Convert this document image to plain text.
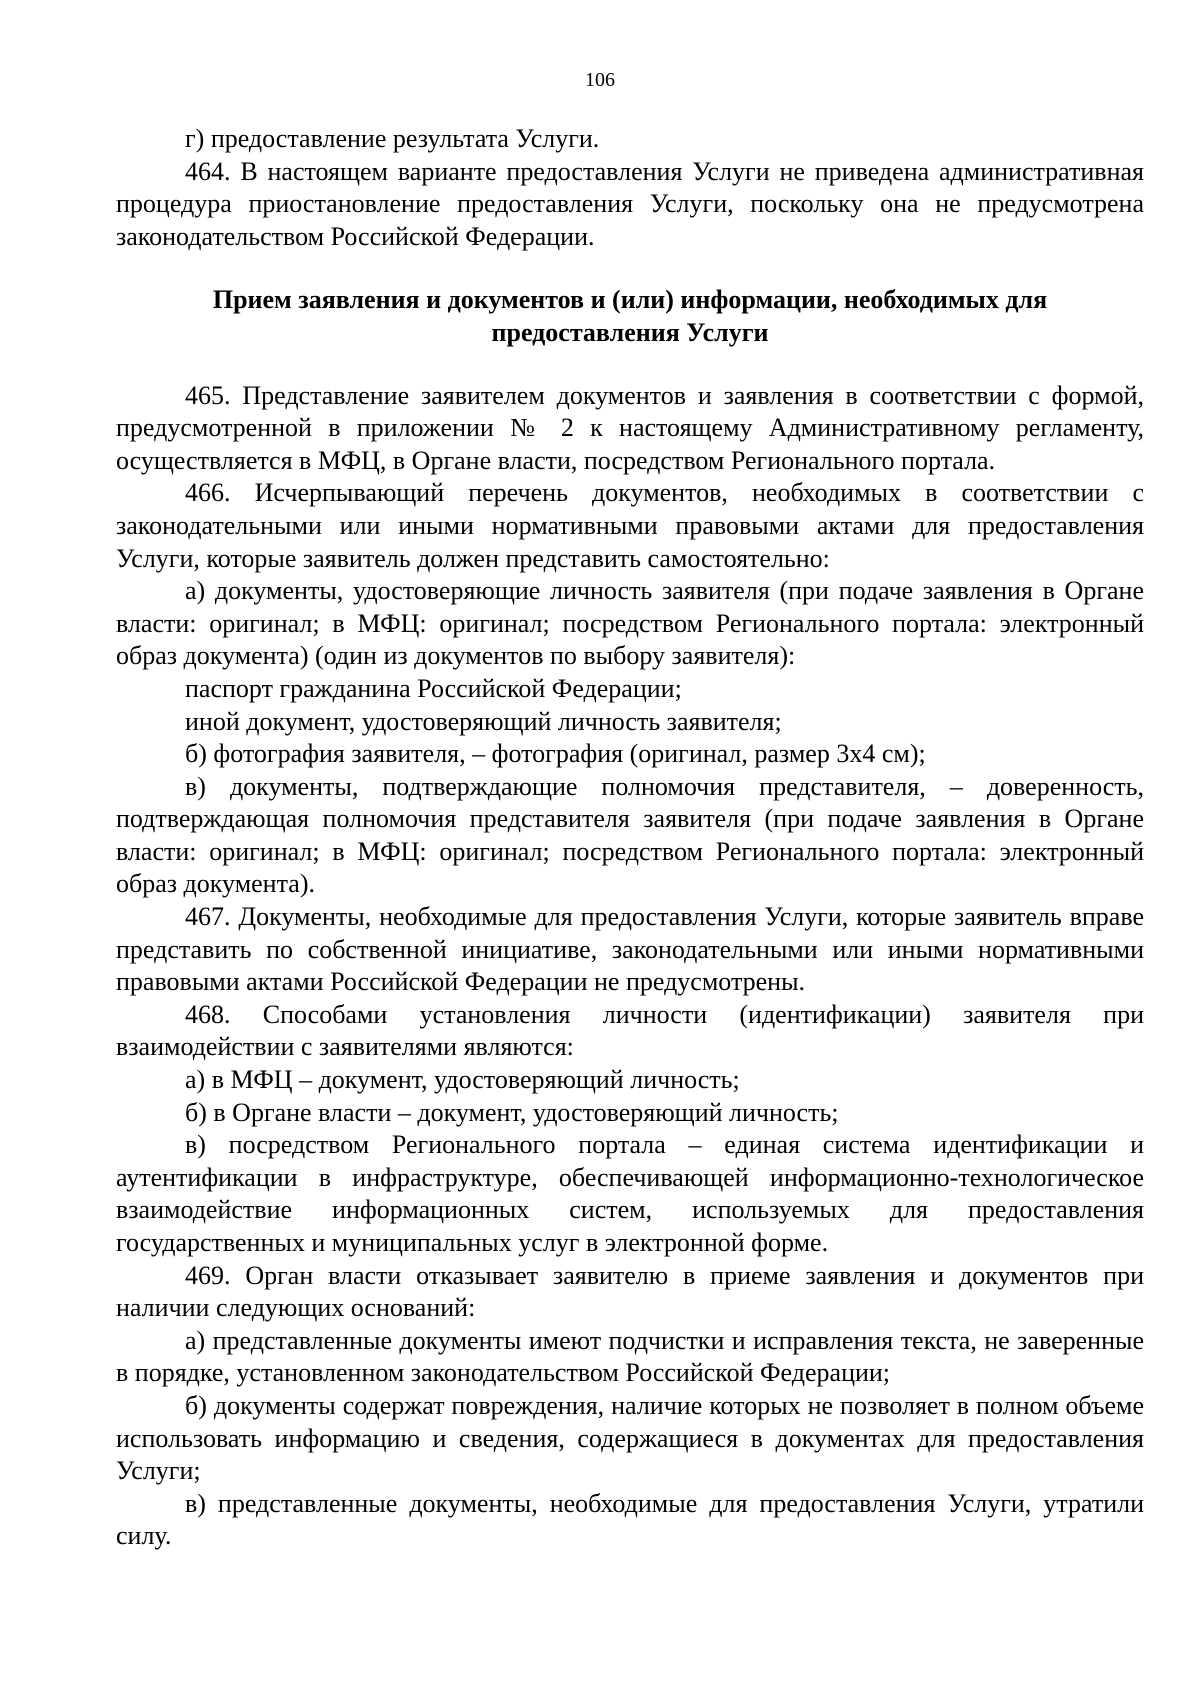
106

г) предоставление результата Услуги.

464. В настоящем варианте предоставления Услуги не приведена административная процедура приостановление предоставления Услуги, поскольку она не предусмотрена законодательством Российской Федерации.

Прием заявления и документов и (или) информации, необходимых для
предоставления Услуги

465. Представление заявителем документов и заявления в соответствии с формой, предусмотренной в приложении № 2 к настоящему Административному регламенту, осуществляется в МФЦ, в Органе власти, посредством Регионального портала.

466. Исчерпывающий перечень документов, необходимых в соответствии с законодательными или иными нормативными правовыми актами для предоставления Услуги, которые заявитель должен представить самостоятельно:

а) документы, удостоверяющие личность заявителя (при подаче заявления в Органе власти: оригинал; в МФЦ: оригинал; посредством Регионального портала: электронный образ документа) (один из документов по выбору заявителя):

паспорт гражданина Российской Федерации;

иной документ, удостоверяющий личность заявителя;

б) фотография заявителя, – фотография (оригинал, размер 3х4 см);

в) документы, подтверждающие полномочия представителя, – доверенность, подтверждающая полномочия представителя заявителя (при подаче заявления в Органе власти: оригинал; в МФЦ: оригинал; посредством Регионального портала: электронный образ документа).

467. Документы, необходимые для предоставления Услуги, которые заявитель вправе представить по собственной инициативе, законодательными или иными нормативными правовыми актами Российской Федерации не предусмотрены.

468. Способами установления личности (идентификации) заявителя при взаимодействии с заявителями являются:

а) в МФЦ – документ, удостоверяющий личность;

б) в Органе власти – документ, удостоверяющий личность;

в) посредством Регионального портала – единая система идентификации и аутентификации в инфраструктуре, обеспечивающей информационно-технологическое взаимодействие информационных систем, используемых для предоставления государственных и муниципальных услуг в электронной форме.

469. Орган власти отказывает заявителю в приеме заявления и документов при наличии следующих оснований:

а) представленные документы имеют подчистки и исправления текста, не заверенные в порядке, установленном законодательством Российской Федерации;

б) документы содержат повреждения, наличие которых не позволяет в полном объеме использовать информацию и сведения, содержащиеся в документах для предоставления Услуги;

в) представленные документы, необходимые для предоставления Услуги, утратили силу.
